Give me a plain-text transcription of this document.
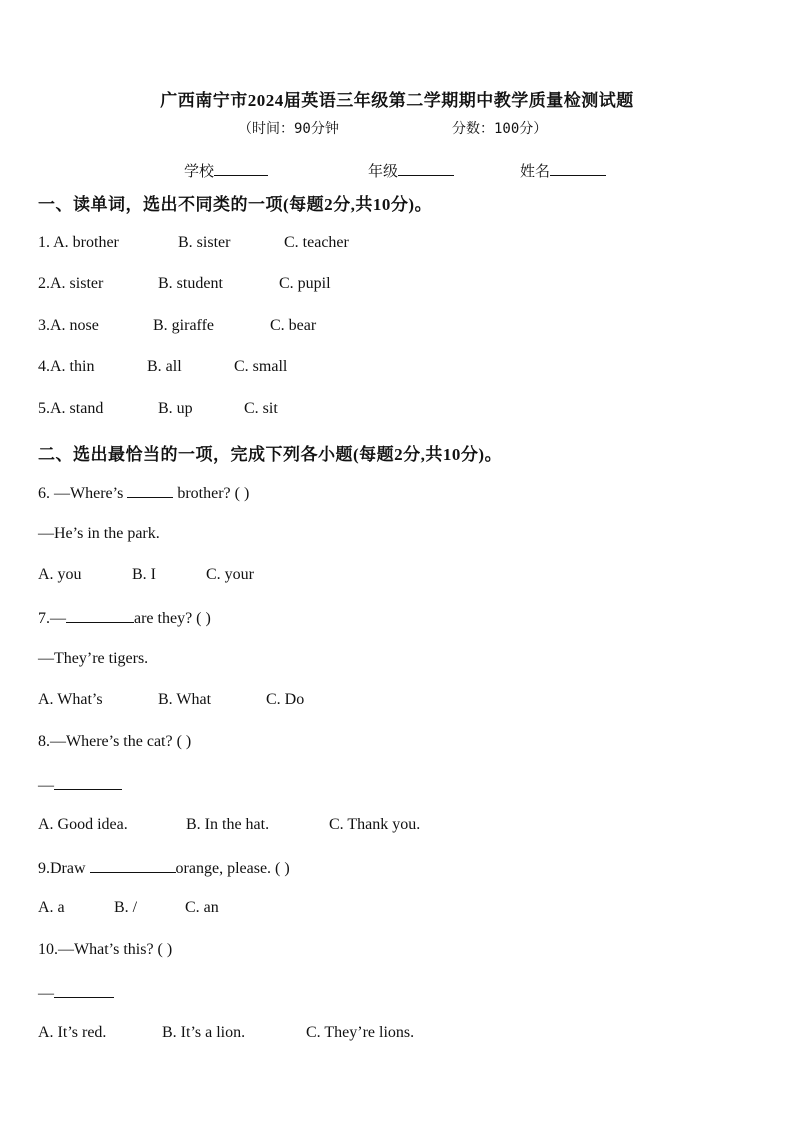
广西南宁市2024届英语三年级第二学期期中教学质量检测试题
（时间：90分钟	分数：100分）
学校	年级	姓名
一、读单词，选出不同类的一项(每题2分,共10分)。
1. A. brother	B. sister	C. teacher
2.A. sister	B. student	C. pupil
3.A. nose	B. giraffe	C. bear
4.A. thin	B. all	C. small
5.A. stand	B. up	C. sit
二、选出最恰当的一项，完成下列各小题(每题2分,共10分)。
6. —Where’s	brother? ( )
—He’s in the park.
A. you	B. I	C. your
7.—	are they? ( )
—They’re tigers.
A. What’s	B. What	C. Do
8.—Where’s the cat? ( )
—
A. Good idea.	B. In the hat.	C. Thank you.
9.Draw	orange, please. ( )
A. a	B. /	C. an
10.—What’s this? ( )
—
A. It’s red.	B. It’s a lion.	C. They’re lions.
